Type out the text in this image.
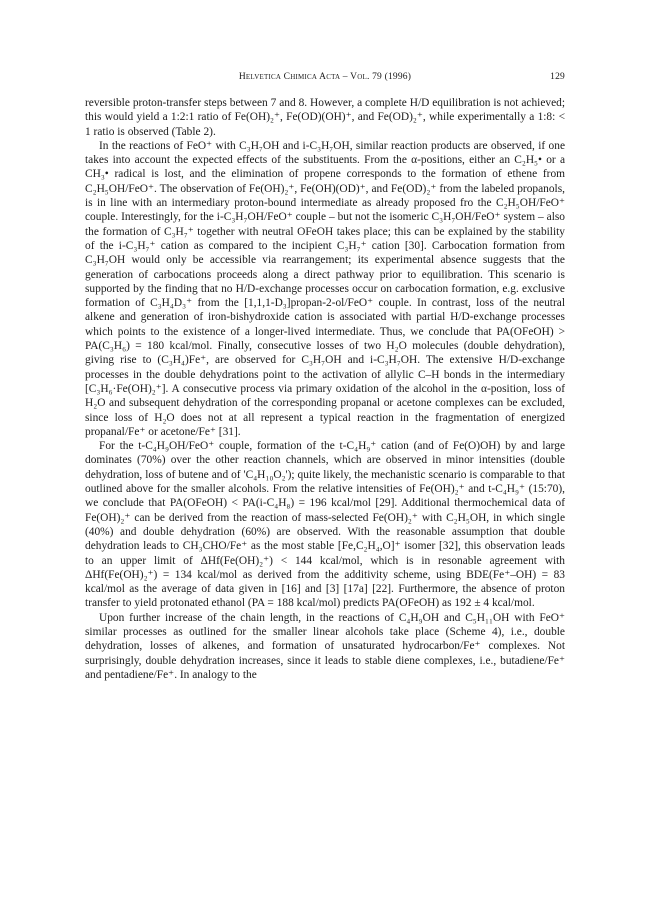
Helvetica Chimica Acta – Vol. 79 (1996)	129

reversible proton-transfer steps between 7 and 8. However, a complete H/D equilibration is not achieved; this would yield a 1:2:1 ratio of Fe(OH)₂⁺, Fe(OD)(OH)⁺, and Fe(OD)₂⁺, while experimentally a 1:8: < 1 ratio is observed (Table 2).

In the reactions of FeO⁺ with C₃H₇OH and i-C₃H₇OH, similar reaction products are observed, if one takes into account the expected effects of the substituents. From the α-positions, either an C₂H₅• or a CH₃• radical is lost, and the elimination of propene corresponds to the formation of ethene from C₂H₅OH/FeO⁺. The observation of Fe(OH)₂⁺, Fe(OH)(OD)⁺, and Fe(OD)₂⁺ from the labeled propanols, is in line with an intermediary proton-bound intermediate as already proposed fro the C₂H₅OH/FeO⁺ couple. Interestingly, for the i-C₃H₇OH/FeO⁺ couple – but not the isomeric C₃H₇OH/FeO⁺ system – also the formation of C₃H₇⁺ together with neutral OFeOH takes place; this can be explained by the stability of the i-C₃H₇⁺ cation as compared to the incipient C₃H₇⁺ cation [30]. Carbocation formation from C₃H₇OH would only be accessible via rearrangement; its experimental absence suggests that the generation of carbocations proceeds along a direct pathway prior to equilibration. This scenario is supported by the finding that no H/D-exchange processes occur on carbocation formation, e.g. exclusive formation of C₃H₄D₃⁺ from the [1,1,1-D₃]propan-2-ol/FeO⁺ couple. In contrast, loss of the neutral alkene and generation of iron-bishydroxide cation is associated with partial H/D-exchange processes which points to the existence of a longer-lived intermediate. Thus, we conclude that PA(OFeOH) > PA(C₃H₆) = 180 kcal/mol. Finally, consecutive losses of two H₂O molecules (double dehydration), giving rise to (C₃H₄)Fe⁺, are observed for C₃H₇OH and i-C₃H₇OH. The extensive H/D-exchange processes in the double dehydrations point to the activation of allylic C–H bonds in the intermediary [C₃H₆·Fe(OH)₂⁺]. A consecutive process via primary oxidation of the alcohol in the α-position, loss of H₂O and subsequent dehydration of the corresponding propanal or acetone complexes can be excluded, since loss of H₂O does not at all represent a typical reaction in the fragmentation of energized propanal/Fe⁺ or acetone/Fe⁺ [31].

For the t-C₄H₉OH/FeO⁺ couple, formation of the t-C₄H₉⁺ cation (and of Fe(O)OH) by and large dominates (70%) over the other reaction channels, which are observed in minor intensities (double dehydration, loss of butene and of 'C₄H₁₀O₂'); quite likely, the mechanistic scenario is comparable to that outlined above for the smaller alcohols. From the relative intensities of Fe(OH)₂⁺ and t-C₄H₉⁺ (15:70), we conclude that PA(OFeOH) < PA(i-C₄H₈) = 196 kcal/mol [29]. Additional thermochemical data of Fe(OH)₂⁺ can be derived from the reaction of mass-selected Fe(OH)₂⁺ with C₂H₅OH, in which single (40%) and double dehydration (60%) are observed. With the reasonable assumption that double dehydration leads to CH₃CHO/Fe⁺ as the most stable [Fe,C₂H₄,O]⁺ isomer [32], this observation leads to an upper limit of ΔHf(Fe(OH)₂⁺) < 144 kcal/mol, which is in resonable agreement with ΔHf(Fe(OH)₂⁺) = 134 kcal/mol as derived from the additivity scheme, using BDE(Fe⁺–OH) = 83 kcal/mol as the average of data given in [16] and [3] [17a] [22]. Furthermore, the absence of proton transfer to yield protonated ethanol (PA = 188 kcal/mol) predicts PA(OFeOH) as 192 ± 4 kcal/mol.

Upon further increase of the chain length, in the reactions of C₄H₉OH and C₅H₁₁OH with FeO⁺ similar processes as outlined for the smaller linear alcohols take place (Scheme 4), i.e., double dehydration, losses of alkenes, and formation of unsaturated hydrocarbon/Fe⁺ complexes. Not surprisingly, double dehydration increases, since it leads to stable diene complexes, i.e., butadiene/Fe⁺ and pentadiene/Fe⁺. In analogy to the
